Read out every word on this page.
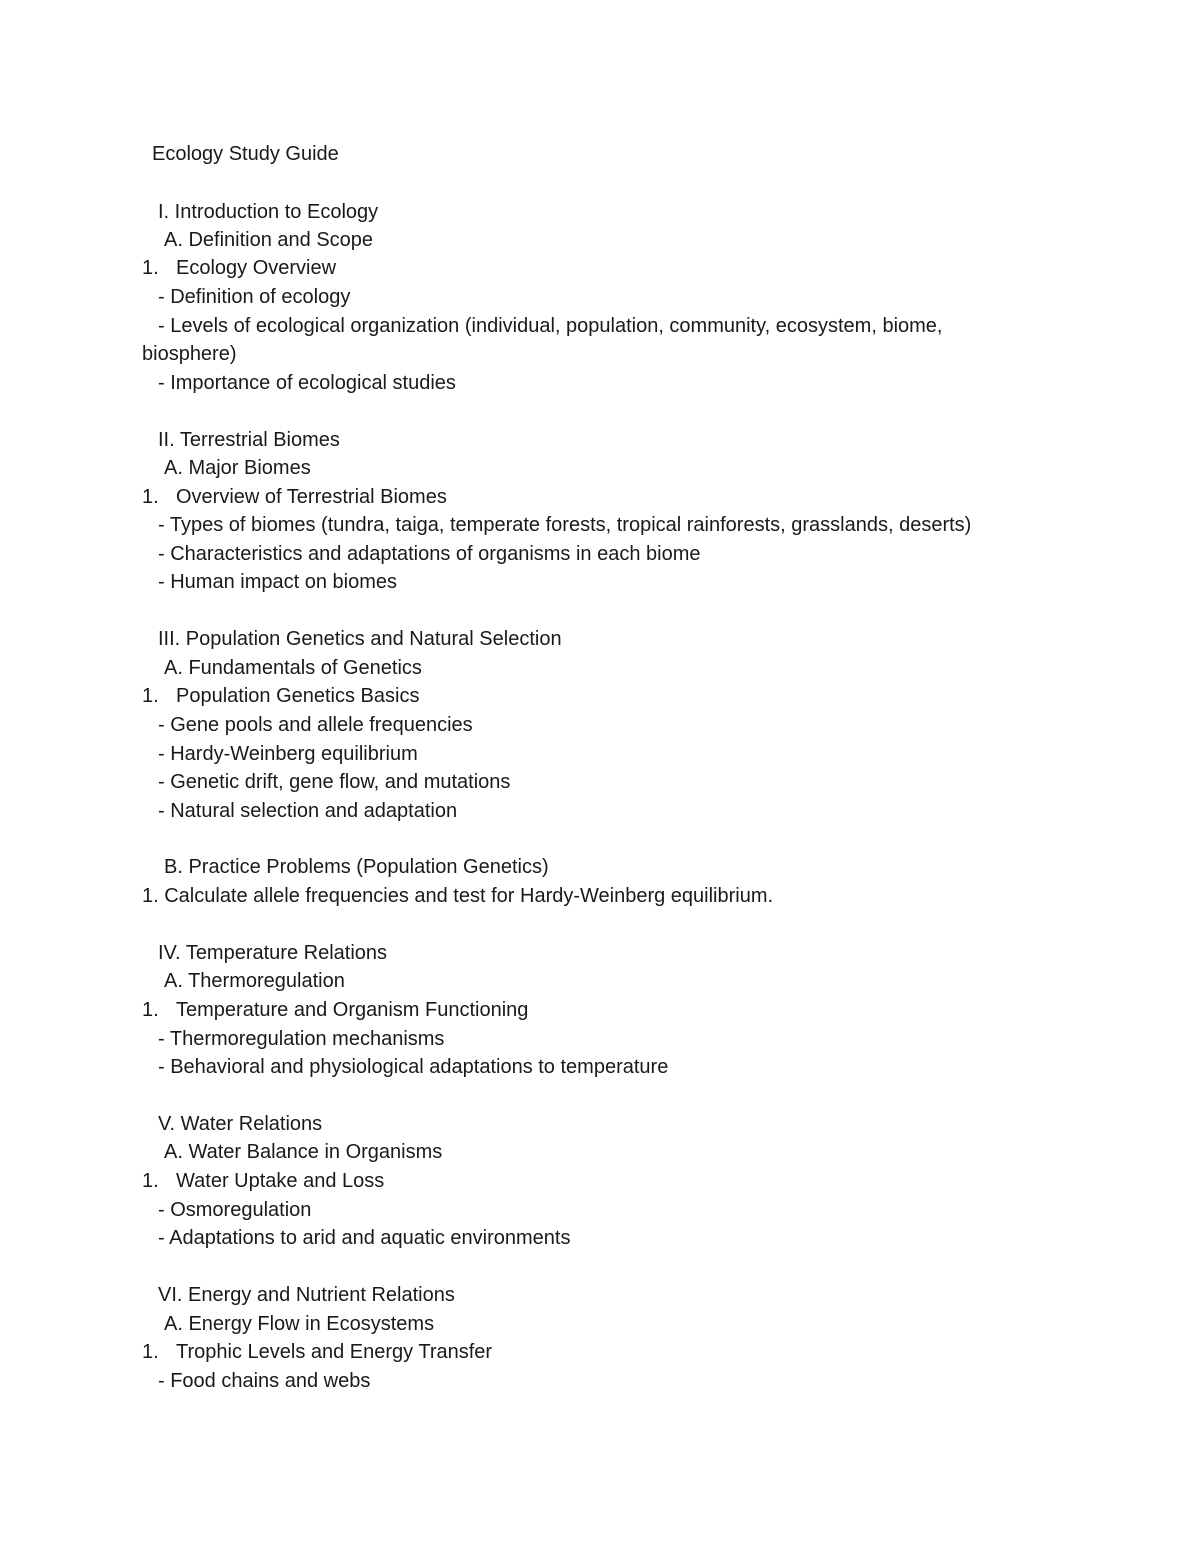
Ecology Study Guide
I. Introduction to Ecology
A. Definition and Scope
1. Ecology Overview
- Definition of ecology
- Levels of ecological organization (individual, population, community, ecosystem, biome,
biosphere)
- Importance of ecological studies
II. Terrestrial Biomes
A. Major Biomes
1. Overview of Terrestrial Biomes
- Types of biomes (tundra, taiga, temperate forests, tropical rainforests, grasslands, deserts)
- Characteristics and adaptations of organisms in each biome
- Human impact on biomes
III. Population Genetics and Natural Selection
A. Fundamentals of Genetics
1. Population Genetics Basics
- Gene pools and allele frequencies
- Hardy-Weinberg equilibrium
- Genetic drift, gene flow, and mutations
- Natural selection and adaptation
B. Practice Problems (Population Genetics)
1. Calculate allele frequencies and test for Hardy-Weinberg equilibrium.
IV. Temperature Relations
A. Thermoregulation
1. Temperature and Organism Functioning
- Thermoregulation mechanisms
- Behavioral and physiological adaptations to temperature
V. Water Relations
A. Water Balance in Organisms
1. Water Uptake and Loss
- Osmoregulation
- Adaptations to arid and aquatic environments
VI. Energy and Nutrient Relations
A. Energy Flow in Ecosystems
1. Trophic Levels and Energy Transfer
- Food chains and webs
